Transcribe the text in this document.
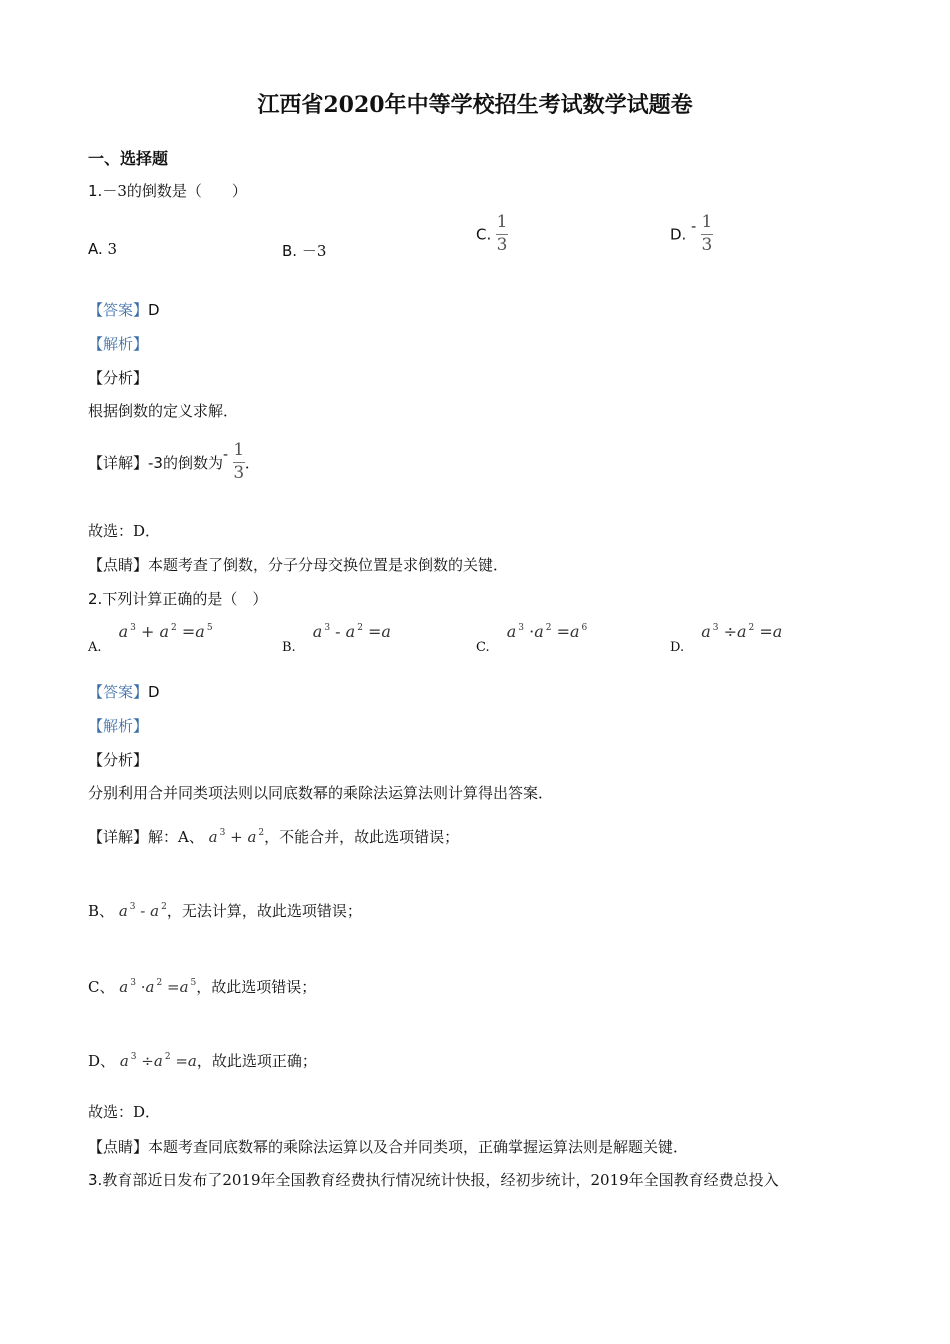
江西省2020年中等学校招生考试数学试题卷
一、选择题
1.－3的倒数是（　　）
A. 3	B. －3
C. $\frac{1}{3}$	D. - $\frac{1}{3}$
【答案】D
【解析】
【分析】
根据倒数的定义求解．
【详解】-3的倒数为- $\frac{1}{3}$ ．
故选：D．
【点睛】本题考查了倒数，分子分母交换位置是求倒数的关键．
2.下列计算正确的是（　）
$_{A.}$ a $^3$ + a $^2$ =a $^5$
$_{B.}$ a $^3$ - a $^2$ =a
$_{C.}$ a $^3$ ·a $^2$ =a $^6$
$_{D.}$ a $^3$ ÷a $^2$ =a
【答案】D
【解析】
【分析】
分别利用合并同类项法则以同底数幂的乘除法运算法则计算得出答案．
【详解】解：A、 a $^3$ + a $^2$，不能合并，故此选项错误；
B、 a $^3$ - a $^2$，无法计算，故此选项错误；
C、 a $^3$ ·a $^2$ =a $^5$，故此选项错误；
D、 a $^3$ ÷a $^2$ =a，故此选项正确；
故选：D．
【点睛】本题考查同底数幂的乘除法运算以及合并同类项，正确掌握运算法则是解题关键．
3.教育部近日发布了2019年全国教育经费执行情况统计快报，经初步统计，2019年全国教育经费总投入
